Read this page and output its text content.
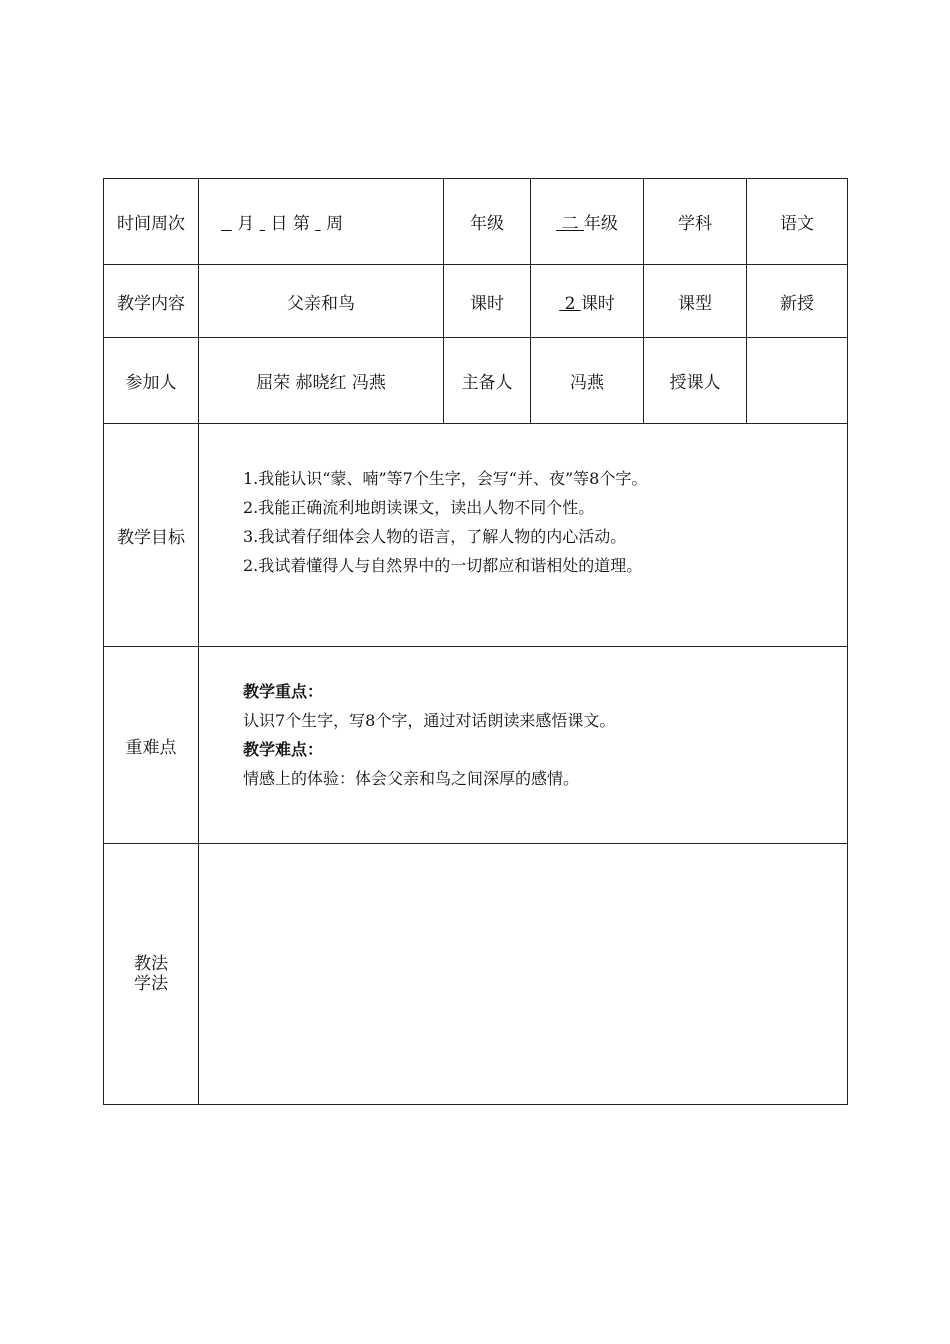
时间周次	月 日 第 周	年级	二 年级	学科	语文
教学内容	父亲和鸟	课时	2 课时	课型	新授
参加人	屈荣 郝晓红 冯燕	主备人	冯燕	授课人	
教学目标	1.我能认识“蒙、喃”等7个生字，会写“并、夜”等8个字。
2.我能正确流利地朗读课文，读出人物不同个性。
3.我试着仔细体会人物的语言，了解人物的内心活动。
2.我试着懂得人与自然界中的一切都应和谐相处的道理。				

重难点	教学重点：
认识7个生字，写8个字，通过对话朗读来感悟课文。
教学难点：
情感上的体验：体会父亲和鸟之间深厚的感情。				

教法
学法					
